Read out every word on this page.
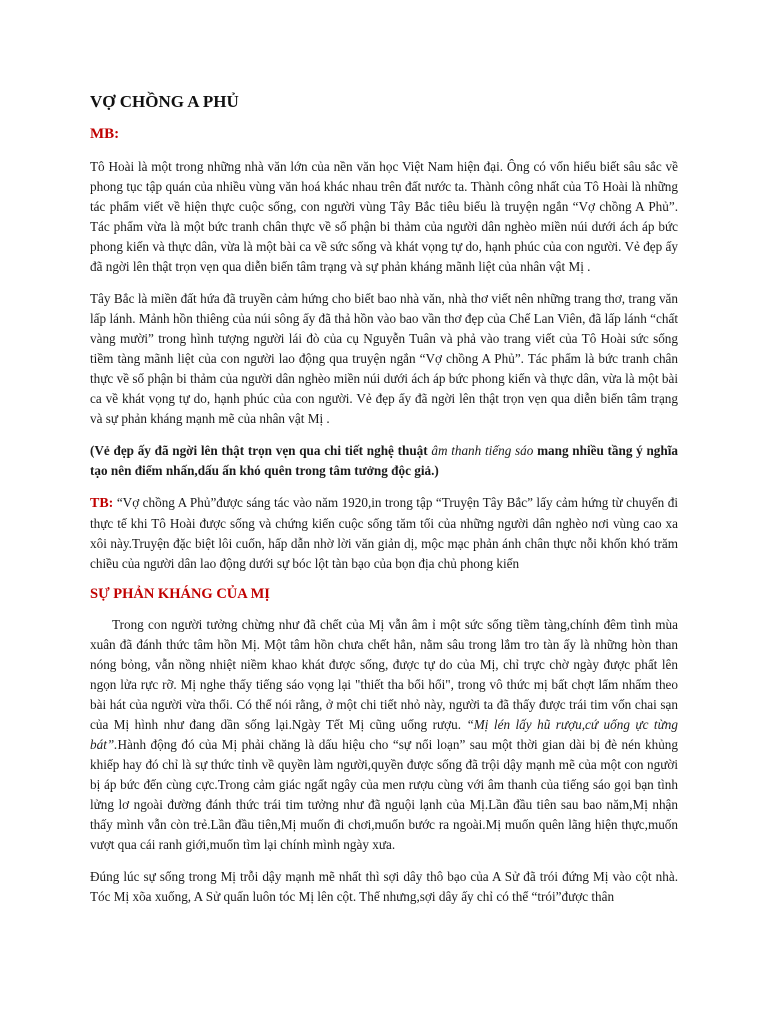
VỢ CHỒNG A PHỦ
MB:

Tô Hoài là một trong những nhà văn lớn của nền văn học Việt Nam hiện đại. Ông có vốn hiểu biết sâu sắc về phong tục tập quán của nhiều vùng văn hoá khác nhau trên đất nước ta. Thành công nhất của Tô Hoài là những tác phẩm viết về hiện thực cuộc sống, con người vùng Tây Bắc tiêu biểu là truyện ngắn “Vợ chồng A Phủ”. Tác phẩm vừa là một bức tranh chân thực về số phận bi thảm của người dân nghèo miền núi dưới ách áp bức phong kiến và thực dân, vừa là một bài ca về sức sống và khát vọng tự do, hạnh phúc của con người. Vẻ đẹp ấy đã ngời lên thật trọn vẹn qua diễn biến tâm trạng và sự phản kháng mãnh liệt của nhân vật Mị .

Tây Bắc là miền đất hứa đã truyền cảm hứng cho biết bao nhà văn, nhà thơ viết nên những trang thơ, trang văn lấp lánh. Mảnh hồn thiêng của núi sông ấy đã thả hồn vào bao vần thơ đẹp của Chế Lan Viên, đã lấp lánh “chất vàng mười” trong hình tượng người lái đò của cụ Nguyễn Tuân và phả vào trang viết của Tô Hoài sức sống tiềm tàng mãnh liệt của con người lao động qua truyện ngắn “Vợ chồng A Phủ”. Tác phẩm là bức tranh chân thực về số phận bi thảm của người dân nghèo miền núi dưới ách áp bức phong kiến và thực dân, vừa là một bài ca về khát vọng tự do, hạnh phúc của con người. Vẻ đẹp ấy đã ngời lên thật trọn vẹn qua diễn biến tâm trạng và sự phản kháng mạnh mẽ của nhân vật Mị .

(Vẻ đẹp ấy đã ngời lên thật trọn vẹn qua chi tiết nghệ thuật âm thanh tiếng sáo mang nhiều tầng ý nghĩa tạo nên điểm nhấn,dấu ấn khó quên trong tâm tưởng độc giả.)

TB: “Vợ chồng A Phủ”được sáng tác vào năm 1920,in trong tập “Truyện Tây Bắc” lấy cảm hứng từ chuyến đi thực tế khi Tô Hoài được sống và chứng kiến cuộc sống tăm tối của những người dân nghèo nơi vùng cao xa xôi này.Truyện đặc biệt lôi cuốn, hấp dẫn nhờ lời văn giản dị, mộc mạc phản ánh chân thực nỗi khốn khó trăm chiều của người dân lao động dưới sự bóc lột tàn bạo của bọn địa chủ phong kiến

SỰ PHẢN KHÁNG CỦA MỊ

Trong con người tưởng chừng như đã chết của Mị vẫn âm ỉ một sức sống tiềm tàng,chính đêm tình mùa xuân đã đánh thức tâm hồn Mị. Một tâm hồn chưa chết hẳn, nằm sâu trong lắm tro tàn ấy là những hòn than nóng bỏng, vẫn nồng nhiệt niềm khao khát được sống, được tự do của Mị, chỉ trực chờ ngày được phất lên ngọn lửa rực rỡ. Mị nghe thấy tiếng sáo vọng lại "thiết tha bổi hổi", trong vô thức mị bất chợt lẩm nhẩm theo bài hát của người vừa thổi. Có thể nói rằng, ở một chi tiết nhỏ này, người ta đã thấy được trái tim vốn chai sạn của Mị hình như đang dần sống lại.Ngày Tết Mị cũng uống rượu. “Mị lén lấy hũ rượu,cứ uống ực từng bát”.Hành động đó của Mị phải chăng là dấu hiệu cho “sự nổi loạn” sau một thời gian dài bị đè nén khủng khiếp hay đó chỉ là sự thức tỉnh về quyền làm người,quyền được sống đã trội dậy mạnh mẽ của một con người bị áp bức đến cùng cực.Trong cảm giác ngất ngây của men rượu cùng với âm thanh của tiếng sáo gọi bạn tình lửng lơ ngoài đường đánh thức trái tim tưởng như đã nguội lạnh của Mị.Lần đầu tiên sau bao năm,Mị nhận thấy mình vẫn còn trẻ.Lần đầu tiên,Mị muốn đi chơi,muốn bước ra ngoài.Mị muốn quên lãng hiện thực,muốn vượt qua cái ranh giới,muốn tìm lại chính mình ngày xưa.

Đúng lúc sự sống trong Mị trỗi dậy mạnh mẽ nhất thì sợi dây thô bạo của A Sử đã trói đứng Mị vào cột nhà. Tóc Mị xõa xuống, A Sử quấn luôn tóc Mị lên cột. Thế nhưng,sợi dây ấy chỉ có thể “trói”được thân
